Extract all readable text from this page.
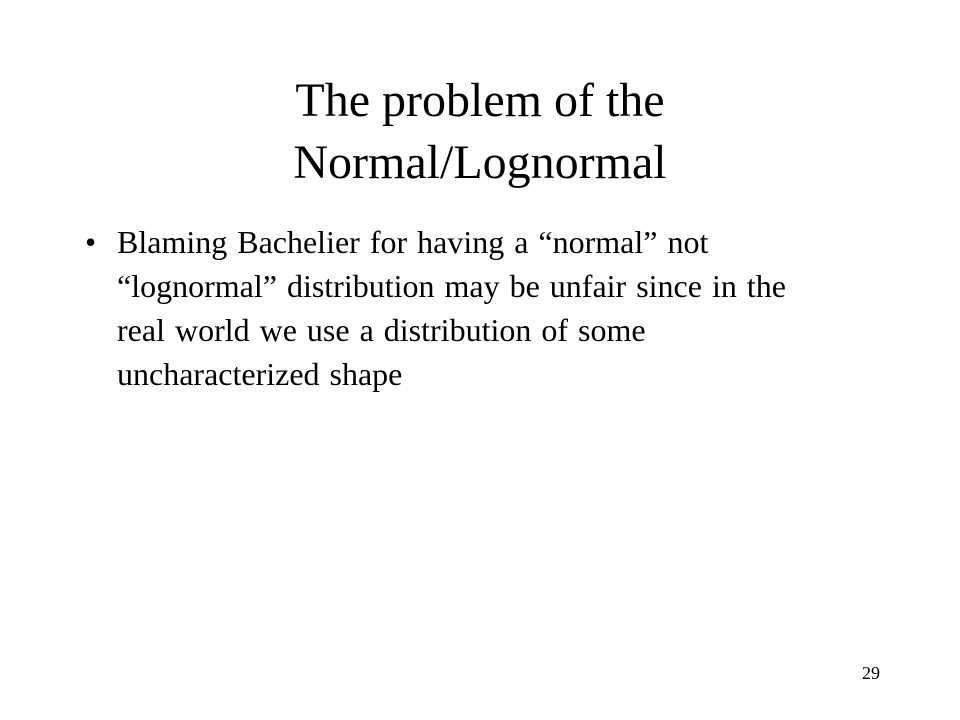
The problem of the
Normal/Lognormal
• Blaming Bachelier for having a “normal” not “lognormal” distribution may be unfair since in the real world we use a distribution of some uncharacterized shape
29
